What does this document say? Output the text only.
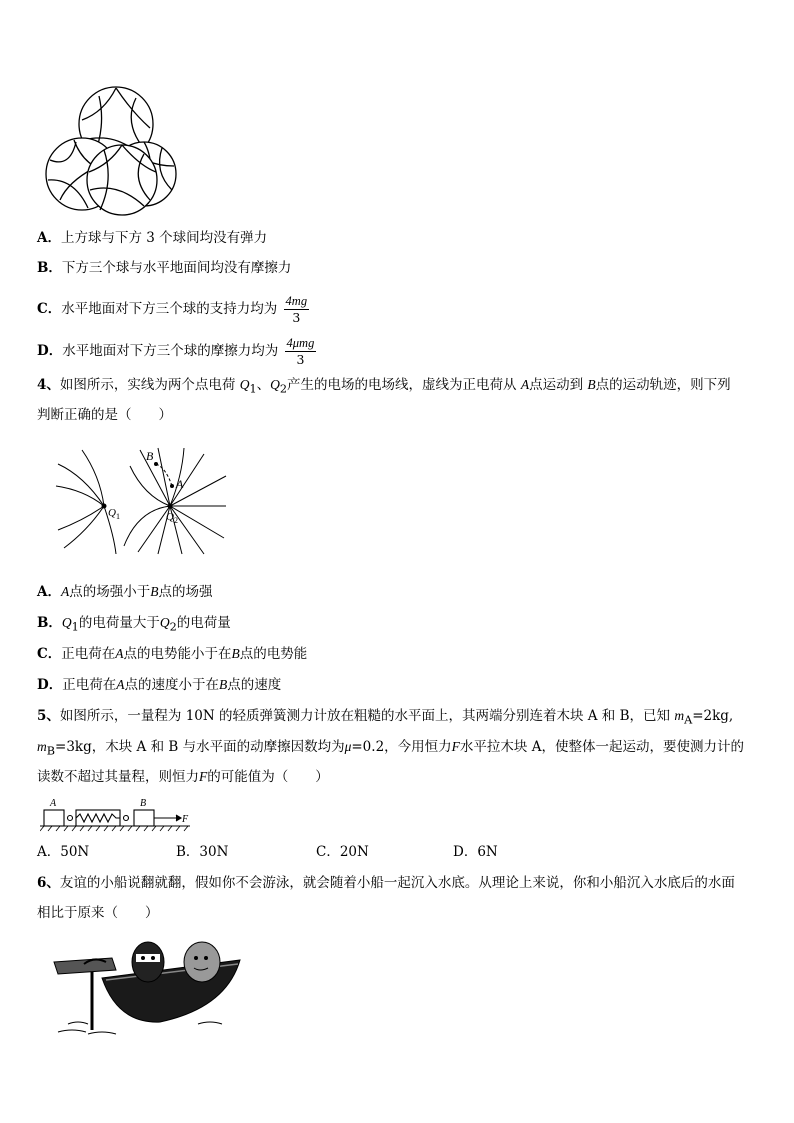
A．上方球与下方 3 个球间均没有弹力
B．下方三个球与水平地面间均没有摩擦力
C．水平地面对下方三个球的支持力均为 $\frac{4mg}{3}$
D．水平地面对下方三个球的摩擦力均为 $\frac{\text{4μmg}}{3}$
4、如图所示，实线为两个点电荷 $Q_1$、$Q_2$产生的电场的电场线，虚线为正电荷从 A点运动到 B点的运动轨迹，则下列
判断正确的是（　　）
B
A
$Q_1$	$Q_2$
A．A点的场强小于B点的场强
B．$Q_1$的电荷量大于$Q_2$的电荷量
C．正电荷在A点的电势能小于在B点的电势能
D．正电荷在A点的速度小于在B点的速度
5、如图所示，一量程为 10N 的轻质弹簧测力计放在粗糙的水平面上，其两端分别连着木块 A 和 B，已知 $m_A=2kg$,
$m_B=3kg$，木块 A 和 B 与水平面的动摩擦因数均为μ=0.2，今用恒力F水平拉木块 A，使整体一起运动，要使测力计的
读数不超过其量程，则恒力F的可能值为（　　）
A	B
F
A．50N	B．30N	C．20N	D．6N
6、友谊的小船说翻就翻，假如你不会游泳，就会随着小船一起沉入水底。从理论上来说，你和小船沉入水底后的水面
相比于原来（　　）
